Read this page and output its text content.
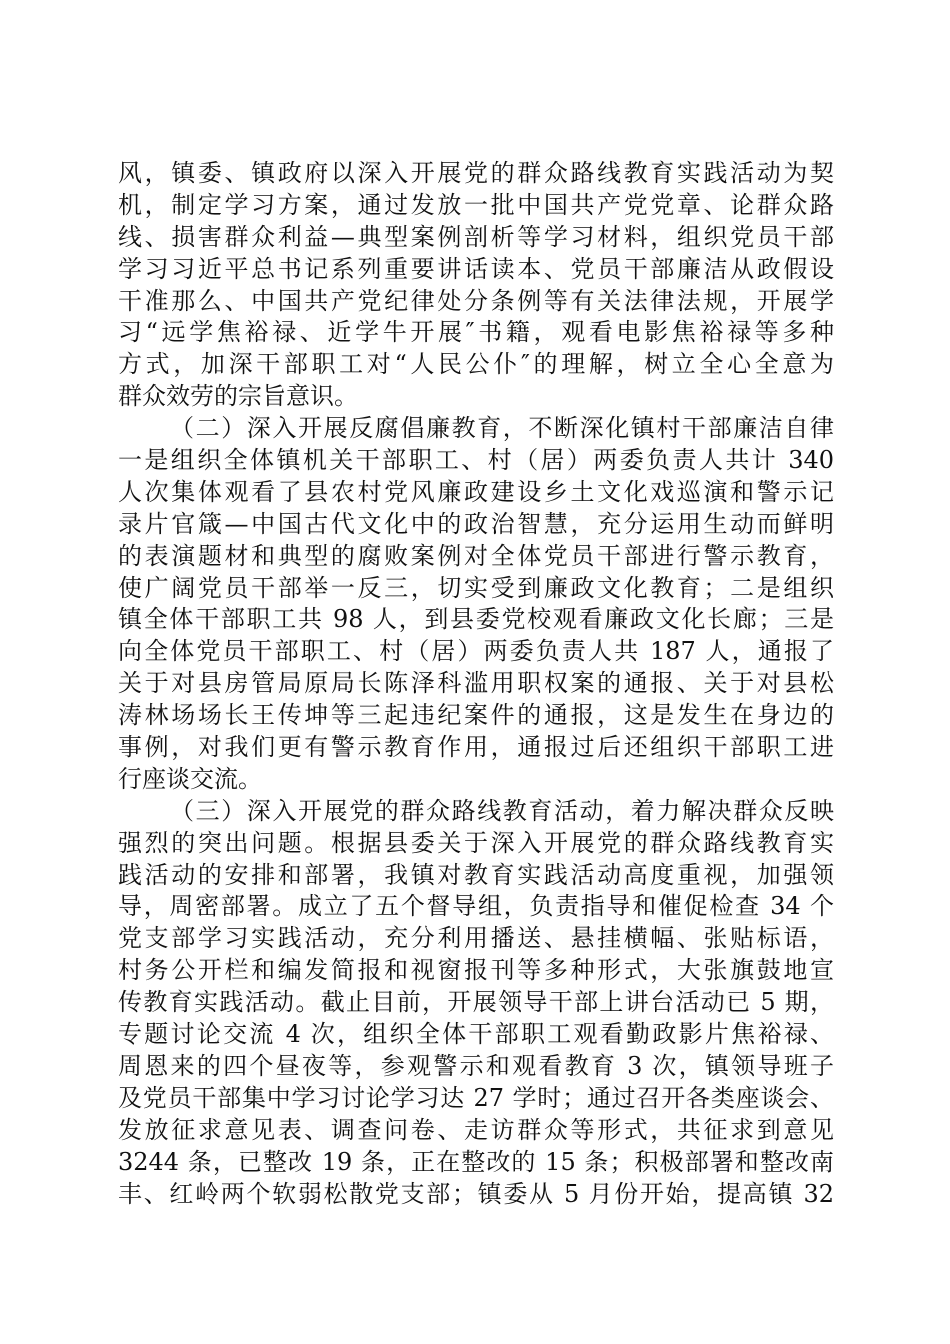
风，镇委、镇政府以深入开展党的群众路线教育实践活动为契
机，制定学习方案，通过发放一批中国共产党党章、论群众路
线、损害群众利益—典型案例剖析等学习材料，组织党员干部
学习习近平总书记系列重要讲话读本、党员干部廉洁从政假设
干准那么、中国共产党纪律处分条例等有关法律法规，开展学
习“远学焦裕禄、近学牛开展″书籍，观看电影焦裕禄等多种
方式，加深干部职工对“人民公仆″的理解，树立全心全意为
群众效劳的宗旨意识。
（二）深入开展反腐倡廉教育，不断深化镇村干部廉洁自律
一是组织全体镇机关干部职工、村（居）两委负责人共计 340
人次集体观看了县农村党风廉政建设乡土文化戏巡演和警示记
录片官箴—中国古代文化中的政治智慧，充分运用生动而鲜明
的表演题材和典型的腐败案例对全体党员干部进行警示教育，
使广阔党员干部举一反三，切实受到廉政文化教育；二是组织
镇全体干部职工共 98 人，到县委党校观看廉政文化长廊；三是
向全体党员干部职工、村（居）两委负责人共 187 人，通报了
关于对县房管局原局长陈泽科滥用职权案的通报、关于对县松
涛林场场长王传坤等三起违纪案件的通报，这是发生在身边的
事例，对我们更有警示教育作用，通报过后还组织干部职工进
行座谈交流。
（三）深入开展党的群众路线教育活动，着力解决群众反映
强烈的突出问题。根据县委关于深入开展党的群众路线教育实
践活动的安排和部署，我镇对教育实践活动高度重视，加强领
导，周密部署。成立了五个督导组，负责指导和催促检查 34 个
党支部学习实践活动，充分利用播送、悬挂横幅、张贴标语，
村务公开栏和编发简报和视窗报刊等多种形式，大张旗鼓地宣
传教育实践活动。截止目前，开展领导干部上讲台活动已 5 期，
专题讨论交流 4 次，组织全体干部职工观看勤政影片焦裕禄、
周恩来的四个昼夜等，参观警示和观看教育 3 次，镇领导班子
及党员干部集中学习讨论学习达 27 学时；通过召开各类座谈会、
发放征求意见表、调查问卷、走访群众等形式，共征求到意见
3244 条，已整改 19 条，正在整改的 15 条；积极部署和整改南
丰、红岭两个软弱松散党支部；镇委从 5 月份开始，提高镇 32
